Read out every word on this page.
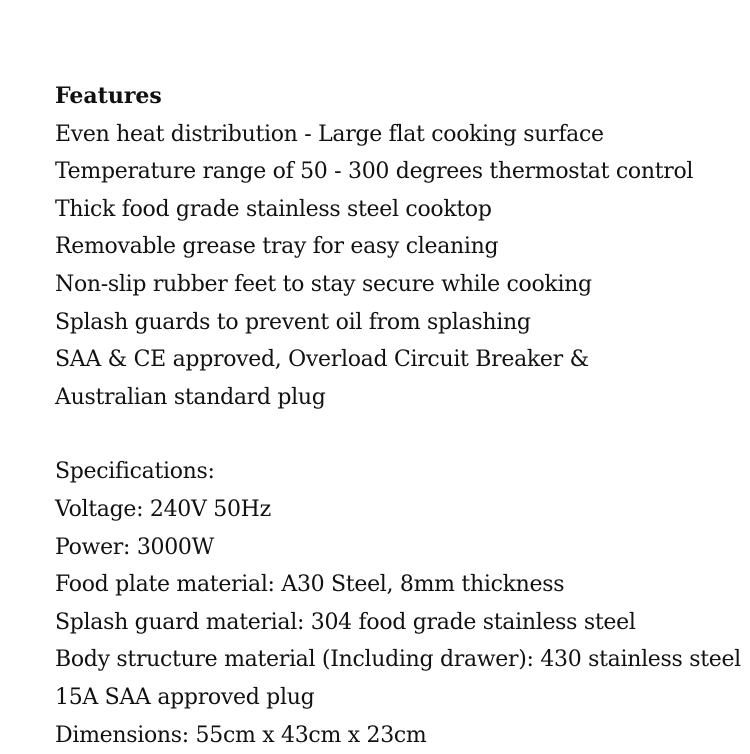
Features

Even heat distribution - Large flat cooking surface

Temperature range of 50 - 300 degrees thermostat control

Thick food grade stainless steel cooktop

Removable grease tray for easy cleaning

Non-slip rubber feet to stay secure while cooking

Splash guards to prevent oil from splashing

SAA & CE approved, Overload Circuit Breaker &

Australian standard plug

Specifications:

Voltage: 240V 50Hz

Power: 3000W

Food plate material: A30 Steel, 8mm thickness

Splash guard material: 304 food grade stainless steel

Body structure material (Including drawer): 430 stainless steel

15A SAA approved plug

Dimensions: 55cm x 43cm x 23cm
